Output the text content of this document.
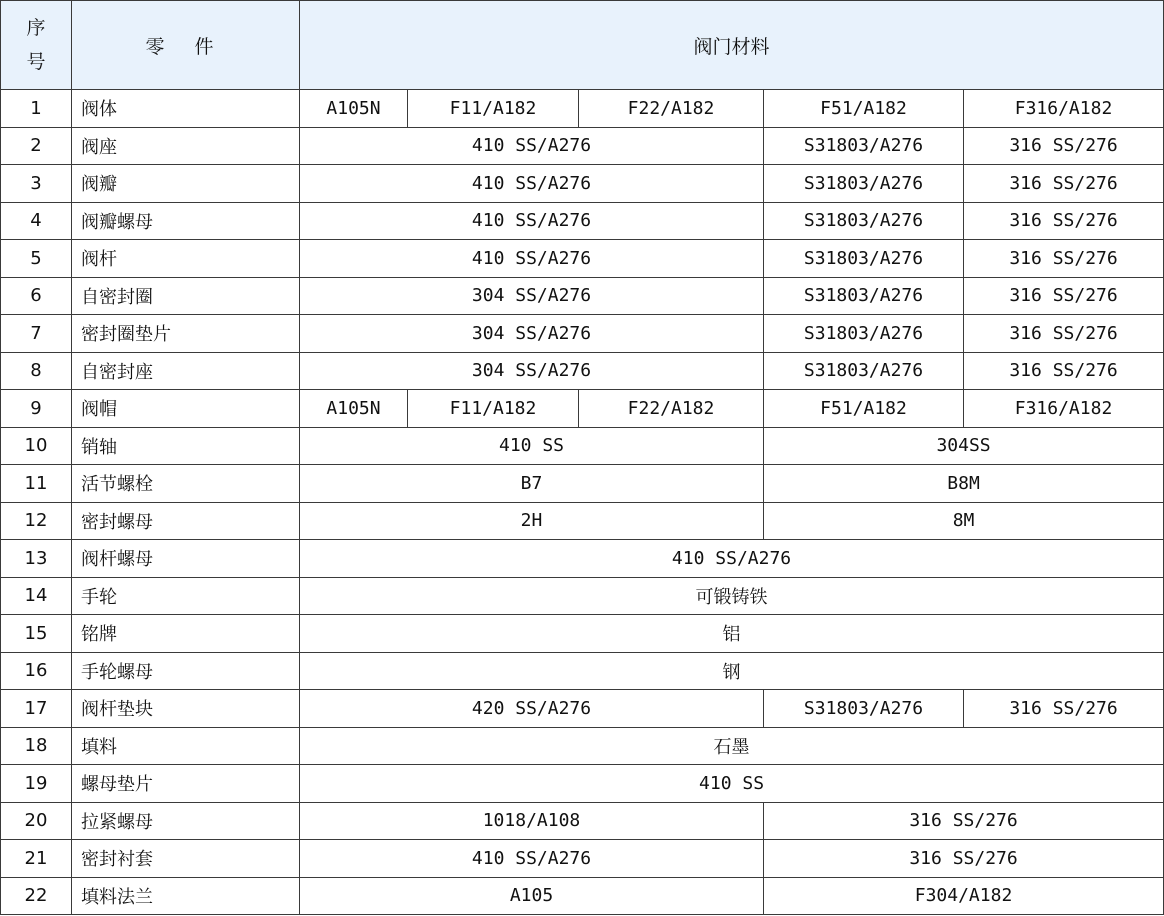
序
号	零 件	阀门材料				
1	阀体	A105N	F11/A182	F22/A182	F51/A182	F316/A182
2	阀座	410 SS/A276			S31803/A276	316 SS/276
3	阀瓣	410 SS/A276			S31803/A276	316 SS/276
4	阀瓣螺母	410 SS/A276			S31803/A276	316 SS/276
5	阀杆	410 SS/A276			S31803/A276	316 SS/276
6	自密封圈	304 SS/A276			S31803/A276	316 SS/276
7	密封圈垫片	304 SS/A276			S31803/A276	316 SS/276
8	自密封座	304 SS/A276			S31803/A276	316 SS/276
9	阀帽	A105N	F11/A182	F22/A182	F51/A182	F316/A182
10	销轴	410 SS			304SS	
11	活节螺栓	B7			B8M	
12	密封螺母	2H			8M	
13	阀杆螺母	410 SS/A276				
14	手轮	可锻铸铁				
15	铭牌	铝				
16	手轮螺母	钢				
17	阀杆垫块	420 SS/A276			S31803/A276	316 SS/276
18	填料	石墨				
19	螺母垫片	410 SS				
20	拉紧螺母	1018/A108			316 SS/276	
21	密封衬套	410 SS/A276			316 SS/276	
22	填料法兰	A105			F304/A182	
